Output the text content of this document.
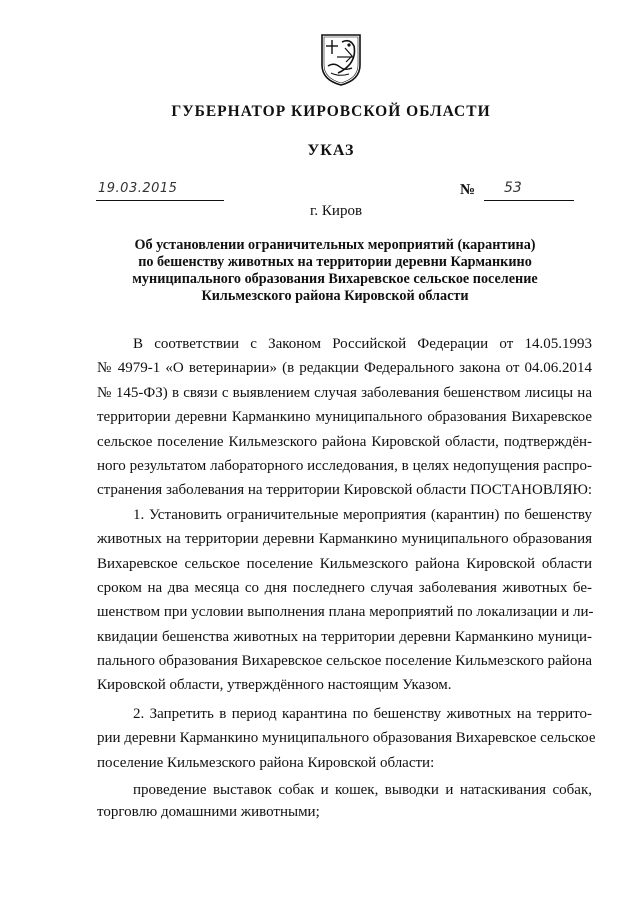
ГУБЕРНАТОР КИРОВСКОЙ ОБЛАСТИ
УКАЗ
19.03.2015	№ 53
г. Киров
Об установлении ограничительных мероприятий (карантина)
по бешенству животных на территории деревни Карманкино
муниципального образования Вихаревское сельское поселение
Кильмезского района Кировской области
В соответствии с Законом Российской Федерации от 14.05.1993
№ 4979-1 «О ветеринарии» (в редакции Федерального закона от 04.06.2014
№ 145-ФЗ) в связи с выявлением случая заболевания бешенством лисицы на
территории деревни Карманкино муниципального образования Вихаревское
сельское поселение Кильмезского района Кировской области, подтверждён-
ного результатом лабораторного исследования, в целях недопущения распро-
странения заболевания на территории Кировской области ПОСТАНОВЛЯЮ:
1. Установить ограничительные мероприятия (карантин) по бешенству
животных на территории деревни Карманкино муниципального образования
Вихаревское сельское поселение Кильмезского района Кировской области
сроком на два месяца со дня последнего случая заболевания животных бе-
шенством при условии выполнения плана мероприятий по локализации и ли-
квидации бешенства животных на территории деревни Карманкино муници-
пального образования Вихаревское сельское поселение Кильмезского района
Кировской области, утверждённого настоящим Указом.
2. Запретить в период карантина по бешенству животных на террито-
рии деревни Карманкино муниципального образования Вихаревское сельское
поселение Кильмезского района Кировской области:
проведение выставок собак и кошек, выводки и натаскивания собак,
торговлю домашними животными;
